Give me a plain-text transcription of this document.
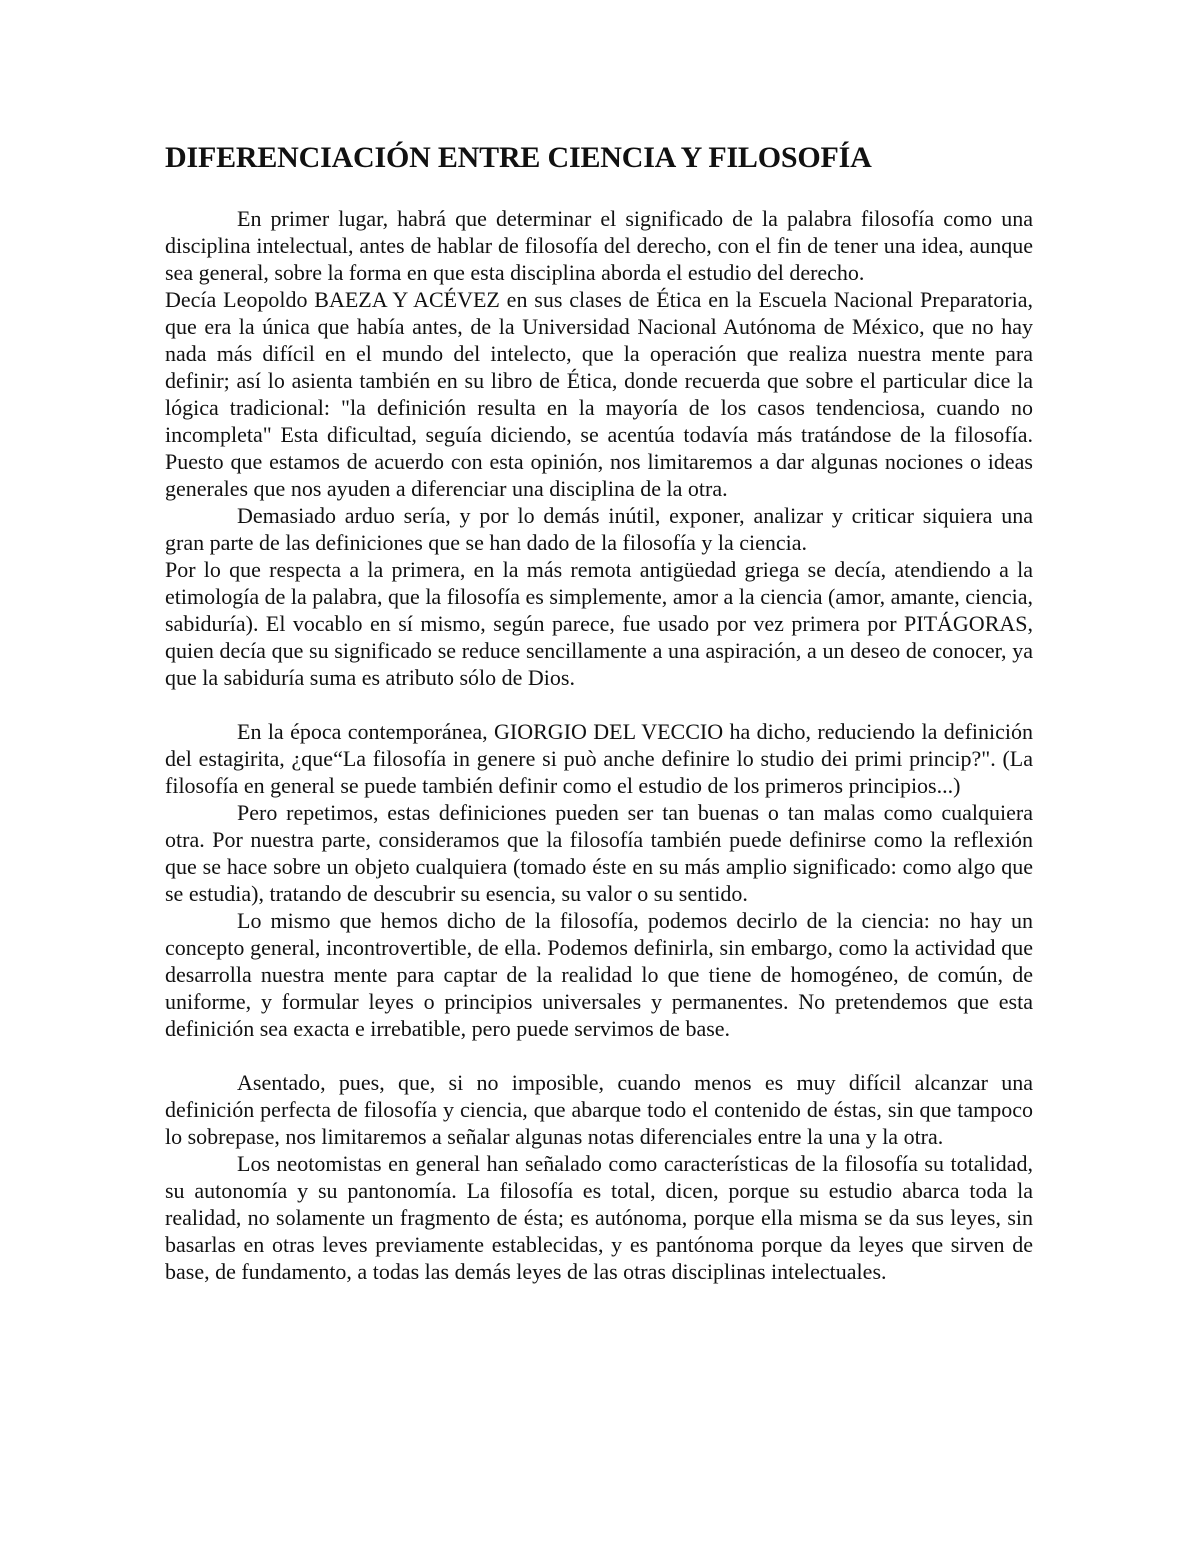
DIFERENCIACIÓN ENTRE CIENCIA Y FILOSOFÍA

En primer lugar, habrá que determinar el significado de la palabra filosofía como una disciplina intelectual, antes de hablar de filosofía del derecho, con el fin de tener una idea, aunque sea general, sobre la forma en que esta disciplina aborda el estudio del derecho.

Decía Leopoldo BAEZA Y ACÉVEZ en sus clases de Ética en la Escuela Nacional Preparatoria, que era la única que había antes, de la Universidad Nacional Autónoma de México, que no hay nada más difícil en el mundo del intelecto, que la operación que realiza nuestra mente para definir; así lo asienta también en su libro de Ética, donde recuerda que sobre el particular dice la lógica tradicional: "la definición resulta en la mayoría de los casos tendenciosa, cuando no incompleta" Esta dificultad, seguía diciendo, se acentúa todavía más tratándose de la filosofía. Puesto que estamos de acuerdo con esta opinión, nos limitaremos a dar algunas nociones o ideas generales que nos ayuden a diferenciar una disciplina de la otra.

Demasiado arduo sería, y por lo demás inútil, exponer, analizar y criticar siquiera una gran parte de las definiciones que se han dado de la filosofía y la ciencia.

Por lo que respecta a la primera, en la más remota antigüedad griega se decía, atendiendo a la etimología de la palabra, que la filosofía es simplemente, amor a la ciencia (amor, amante, ciencia, sabiduría). El vocablo en sí mismo, según parece, fue usado por vez primera por PITÁGORAS, quien decía que su significado se reduce sencillamente a una aspiración, a un deseo de conocer, ya que la sabiduría suma es atributo sólo de Dios.

En la época contemporánea, GIORGIO DEL VECCIO ha dicho, reduciendo la definición del estagirita, ¿que“La filosofía in genere si può anche definire lo studio dei primi princip?". (La filosofía en general se puede también definir como el estudio de los primeros principios...)

Pero repetimos, estas definiciones pueden ser tan buenas o tan malas como cualquiera otra. Por nuestra parte, consideramos que la filosofía también puede definirse como la reflexión que se hace sobre un objeto cualquiera (tomado éste en su más amplio significado: como algo que se estudia), tratando de descubrir su esencia, su valor o su sentido.

Lo mismo que hemos dicho de la filosofía, podemos decirlo de la ciencia: no hay un concepto general, incontrovertible, de ella. Podemos definirla, sin embargo, como la actividad que desarrolla nuestra mente para captar de la realidad lo que tiene de homogéneo, de común, de uniforme, y formular leyes o principios universales y permanentes. No pretendemos que esta definición sea exacta e irrebatible, pero puede servimos de base.

Asentado, pues, que, si no imposible, cuando menos es muy difícil alcanzar una definición perfecta de filosofía y ciencia, que abarque todo el contenido de éstas, sin que tampoco lo sobrepase, nos limitaremos a señalar algunas notas diferenciales entre la una y la otra.

Los neotomistas en general han señalado como características de la filosofía su totalidad, su autonomía y su pantonomía. La filosofía es total, dicen, porque su estudio abarca toda la realidad, no solamente un fragmento de ésta; es autónoma, porque ella misma se da sus leyes, sin basarlas en otras leves previamente establecidas, y es pantónoma porque da leyes que sirven de base, de fundamento, a todas las demás leyes de las otras disciplinas intelectuales.
